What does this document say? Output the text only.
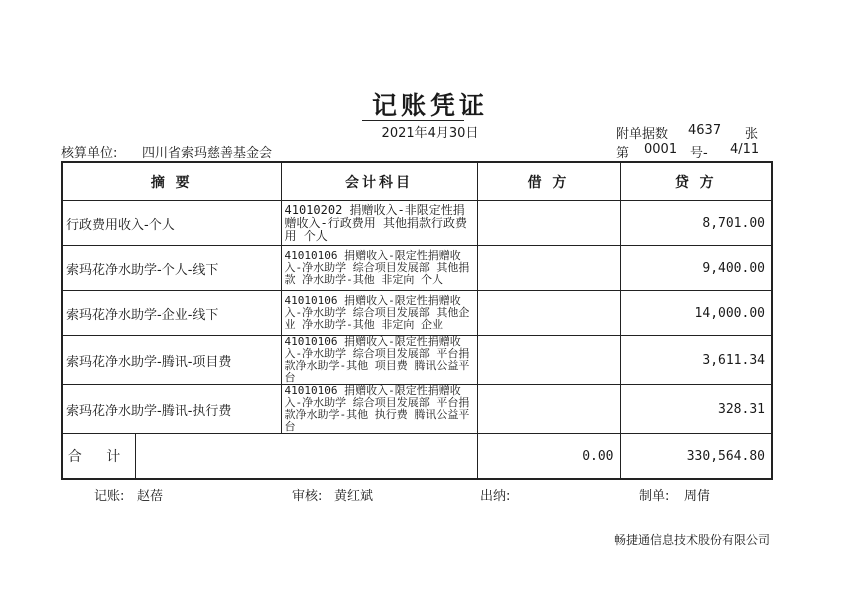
记账凭证
2021年4月30日	附单据数 4637 张
核算单位: 四川省索玛慈善基金会	第 0001 号- 4/11
摘 要	会计科目	借 方	贷 方
行政费用收入-个人	41010202 捐赠收入-非限定性捐赠收入-行政费用 其他捐款行政费用 个人		8,701.00
索玛花净水助学-个人-线下	41010106 捐赠收入-限定性捐赠收入-净水助学 综合项目发展部 其他捐款 净水助学-其他 非定向 个人		9,400.00
索玛花净水助学-企业-线下	41010106 捐赠收入-限定性捐赠收入-净水助学 综合项目发展部 其他企业 净水助学-其他 非定向 企业		14,000.00
索玛花净水助学-腾讯-项目费	41010106 捐赠收入-限定性捐赠收入-净水助学 综合项目发展部 平台捐款净水助学-其他 项目费 腾讯公益平台		3,611.34
索玛花净水助学-腾讯-执行费	41010106 捐赠收入-限定性捐赠收入-净水助学 综合项目发展部 平台捐款净水助学-其他 执行费 腾讯公益平台		328.31

合 计		0.00	330,564.80
记账: 赵蓓	审核: 黄红斌	出纳:	制单: 周倩
畅捷通信息技术股份有限公司
